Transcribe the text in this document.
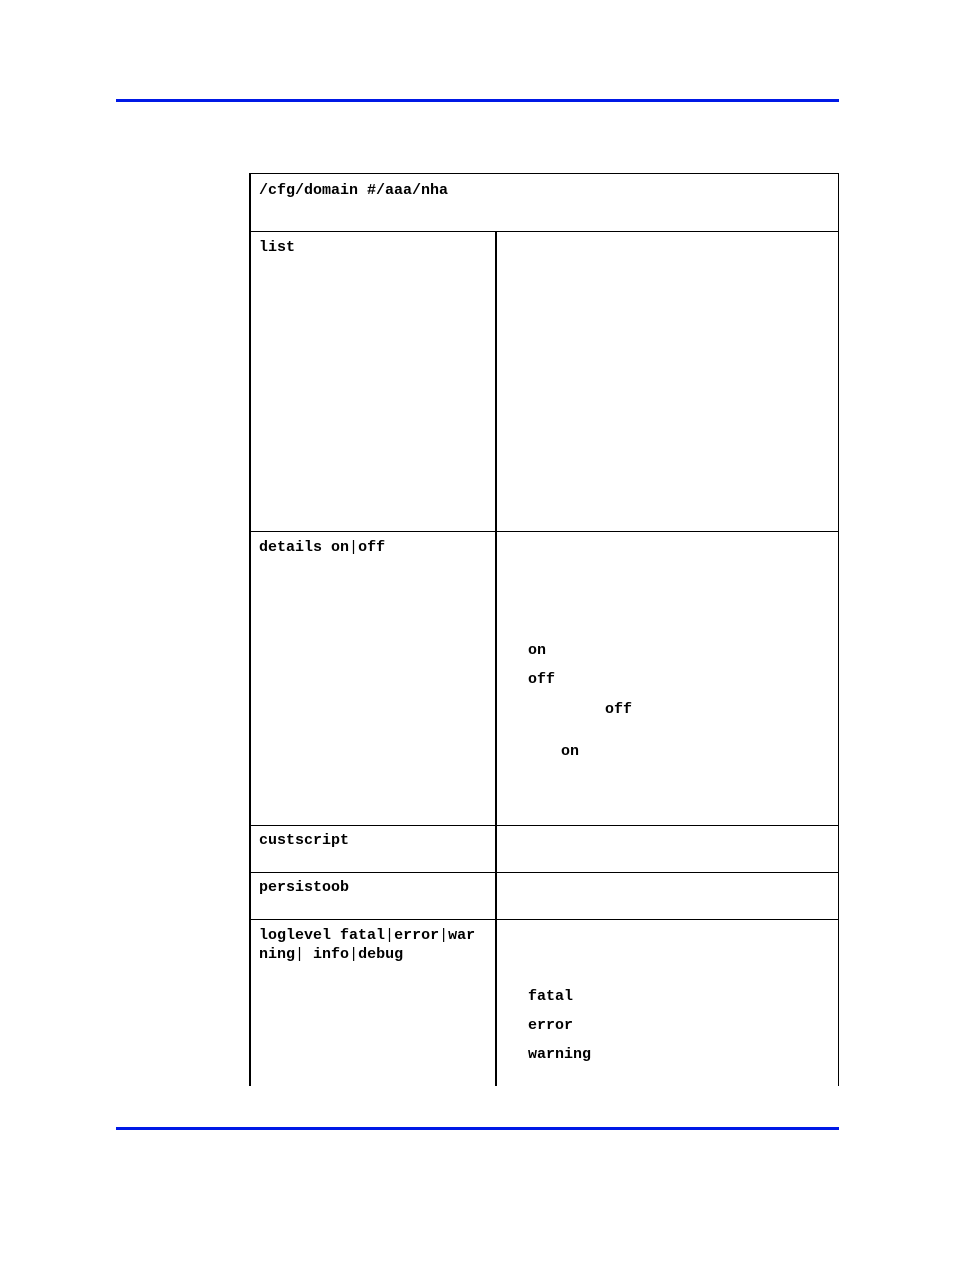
/cfg/domain #/aaa/nha
list
details on|off
on
off
off
on
custscript
persistoob
loglevel fatal|error|war
ning| info|debug
fatal
error
warning
